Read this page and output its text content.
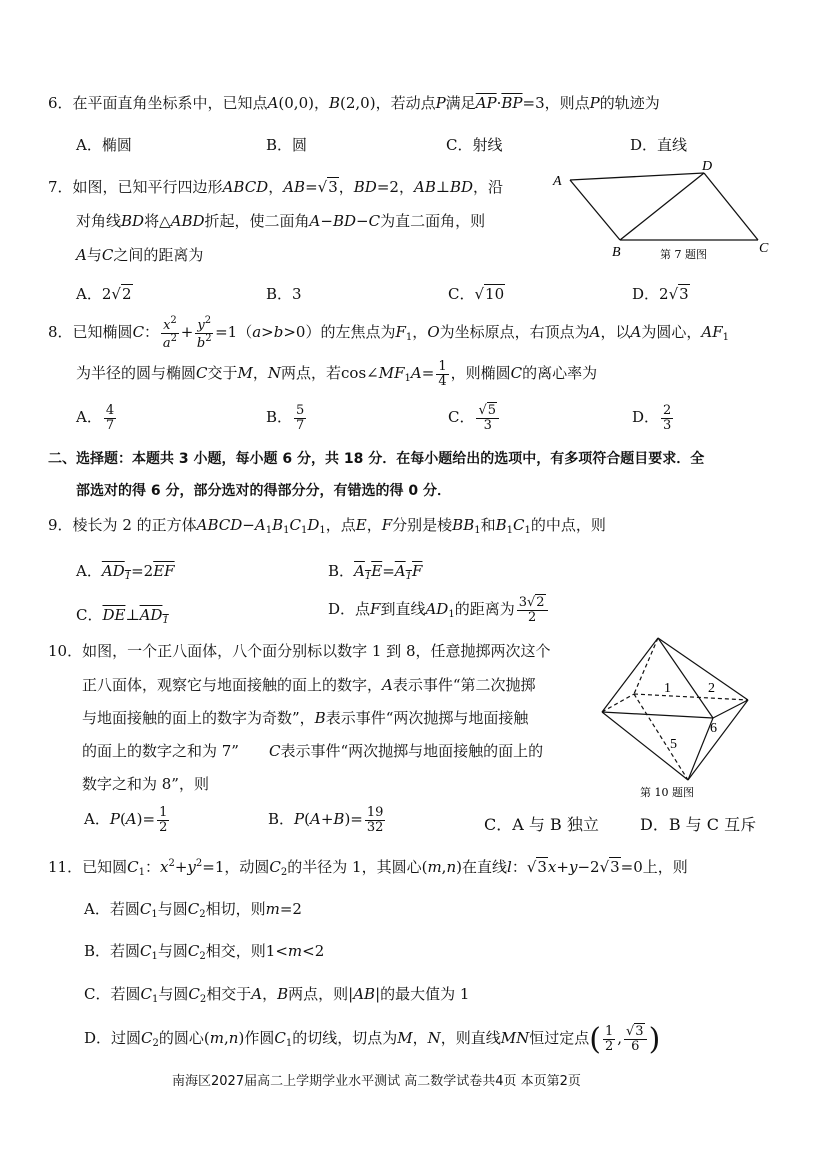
6．在平面直角坐标系中，已知点A(0,0)，B(2,0)，若动点P满足$\overline{AP}\cdot\overline{BP}=3$，则点P的轨迹为
A．椭圆	B．圆	C．射线	D．直线
7．如图，已知平行四边形ABCD，AB=√3，BD=2，AB⊥BD，沿
对角线BD将△ABD折起，使二面角A−BD−C为直二面角，则
A与C之间的距离为
A
B	C
D
第 7 题图
A．2√2	B．3	C．√10	D．2√3
8．已知椭圆C： $\frac{x^2}{a^2} + \frac{y^2}{b^2} =1(a>b>0)$的左焦点为$F_1$，O为坐标原点，右顶点为A，以A为圆心，$AF_1$
为半径的圆与椭圆C交于M，N两点，若$\cos\angle MF_1A= \frac{1}{4}$ ，则椭圆C的离心率为
A． $\frac{4}{7}$	B． $\frac{5}{7}$	C． $\frac{√5}{3}$	D． $\frac{2}{3}$
二、选择题：本题共 3 小题，每小题 6 分，共 18 分．在每小题给出的选项中，有多项符合题目要求．全
部选对的得 6 分，部分选对的得部分分，有错选的得 0 分．
9．棱长为 2 的正方体$ABCD-A_1B_1C_1D_1$，点E，F分别是棱$BB_1$和$B_1C_1$的中点，则
A．$AD_1=2\overline{EF}$	B．$A_1E=A_1F$
C．$\overline{DE}\perp AD_1$
D．点F到直线$AD_1$的距离为 $\frac{3√2}{2}$
10．如图，一个正八面体，八个面分别标以数字 1 到 8，任意抛掷两次这个
正八面体，观察它与地面接触的面上的数字，A表示事件“第二次抛掷
与地面接触的面上的数字为奇数”，B表示事件“两次抛掷与地面接触
的面上的数字之和为 7”　　 C表示事件“两次抛掷与地面接触的面上的
数字之和为 8”，则
1	2
5
6
第 10 题图
A．$P(A)= \frac{1}{2}$	B．$P(A+B)= \frac{19}{32}$	C．A 与 B 独立	D．B 与 C 互斥
11．已知圆$C_1$：$x^2+y^2=1$，动圆$C_2$的半径为 1，其圆心(m,n)在直线l：√3x+y−2√3=0上，则
A．若圆$C_1$与圆$C_2$相切，则m=2
B．若圆$C_1$与圆$C_2$相交，则1<m<2
C．若圆$C_1$与圆$C_2$相交于A，B两点，则|AB|的最大值为 1
D．过圆$C_2$的圆心(m,n)作圆$C_1$的切线，切点为M，N，则直线MN恒过定点( $\frac{1}{2}$ , $\frac{√3}{6}$ )
南海区2027届高二上学期学业水平测试 高二数学试卷共4页 本页第2页
